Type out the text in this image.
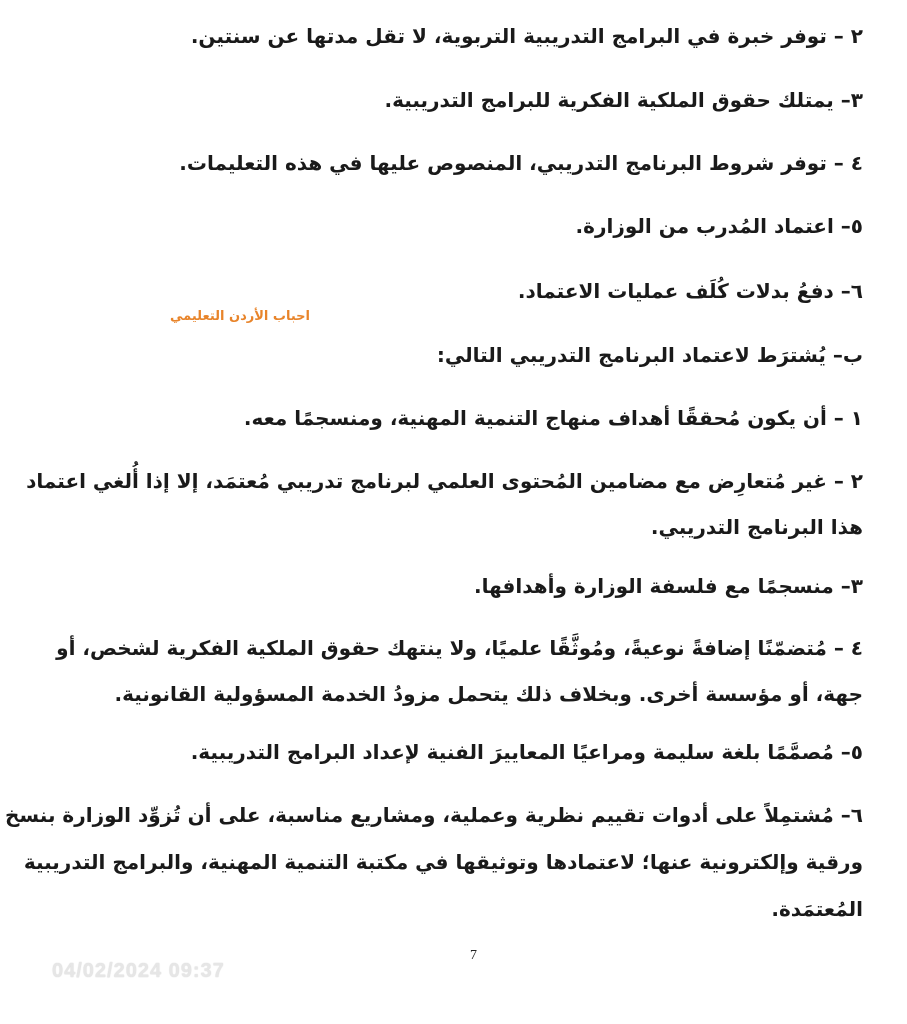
٢ – توفر خبرة في البرامج التدريبية التربوية، لا تقل مدتها عن سنتين.
٣– يمتلك حقوق الملكية الفكرية للبرامج التدريبية.
٤ – توفر شروط البرنامج التدريبي، المنصوص عليها في هذه التعليمات.
٥– اعتماد المُدرب من الوزارة.
٦– دفعُ بدلات ‌كُلَف عمليات الاعتماد.
ب– يُشترَط لاعتماد البرنامج التدريبي التالي:
١ – أن يكون مُحققًا أهداف منهاج التنمية المهنية، ومنسجمًا معه.
٢ – غير مُتعارِض مع مضامين المُحتوى العلمي لبرنامج تدريبي مُعتمَد، إلا إذا أُلغي اعتماد
هذا البرنامج التدريبي.
٣– منسجمًا مع فلسفة الوزارة وأهدافها.
٤ – مُتضمّنًا إضافةً نوعيةً، ومُوثَّقًا علميًا، ولا ينتهك حقوق الملكية الفكرية لشخص، أو
جهة، أو مؤسسة أخرى. وبخلاف ذلك يتحمل مزودُ الخدمة المسؤولية القانونية.
٥– مُصمَّمًا بلغة سليمة ومراعيًا المعاييرَ الفنية لإعداد البرامج التدريبية.
٦– مُشتمِلاً على أدوات تقييم نظرية وعملية، ومشاريع مناسبة، على أن تُزوِّد الوزارة بنسخ
ورقية وإلكترونية عنها؛ لاعتمادها وتوثيقها في مكتبة التنمية المهنية، والبرامج التدريبية
المُعتمَدة.
احباب الأردن التعليمي
7
04/02/2024 09:37
